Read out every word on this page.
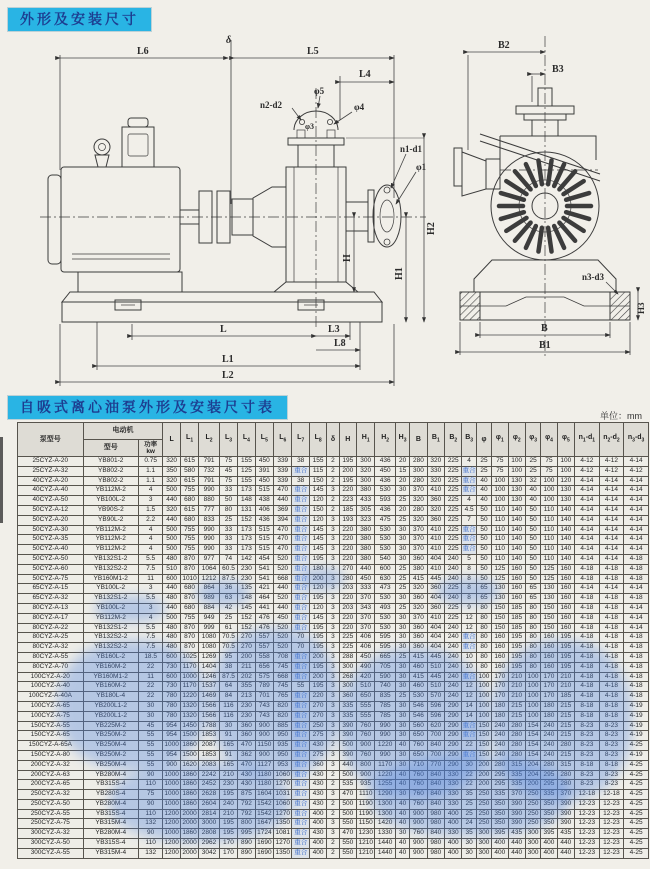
外形及安装尺寸
L6
δ
L5
L4
n2-d2
φ5
φ4
φ3
n1-d1
φ1
H2
H1
H
L	L3
L8
L1
L2
B2
B3
n3-d3
H3
B
B1
自吸式离心油泵外形及安装尺寸表
单位：mm
泵型号	电动机		L	$L_1$	$L_2$	$L_3$	$L_4$	$L_5$	$L_6$	$L_7$	$L_8$	δ	H	$H_1$	$H_2$	$H_3$	B	$B_1$	$B_2$	$B_3$	φ	$\varphi_1$	$\varphi_2$	$\varphi_3$	$\varphi_4$	$\varphi_5$	$n_1-d_1$	$n_2-d_2$	$n_3-d_3$
	型号	功率
kw																											

25CYZ-A-20	YB801-2	0.75	320	615	791	75	155	450	339	38	155	2	195	300	436	20	280	320	225	4	25	75	100	25	75	100	4-12	4-12	4-14
25CYZ-A-32	YB802-2	1.1	350	580	732	45	125	391	339	重合	115	2	200	320	450	15	300	330	225	重合	25	75	100	25	75	100	4-12	4-12	4-12
40CYZ-A-20	YB802-2	1.1	320	615	791	75	155	450	339	38	150	2	195	300	436	20	280	320	225	重合	40	100	130	32	100	120	4-14	4-14	4-14
40CYZ-A-40	YB112M-2	4	500	755	990	33	173	515	470	重合	145	3	220	380	530	30	370	410	225	重合	40	100	130	40	100	130	4-14	4-14	4-14
40CYZ-A-50	YB100L-2	3	440	680	880	50	148	438	440	重合	120	2	223	433	593	25	320	360	225	4	40	100	130	40	100	130	4-14	4-14	4-14
50CYZ-A-12	YB90S-2	1.5	320	615	777	80	131	406	369	重合	150	2	185	305	436	20	280	320	225	4.5	50	110	140	50	110	140	4-14	4-14	4-14
50CYZ-A-20	YB90L-2	2.2	440	680	833	25	152	436	394	重合	120	3	193	323	475	25	320	360	225	7	50	110	140	50	110	140	4-14	4-14	4-14
50CYZ-A-30	YB112M-2	4	500	755	990	33	173	515	470	重合	145	3	220	380	530	30	370	410	225	重合	50	110	140	50	110	140	4-14	4-14	4-14
50CYZ-A-35	YB112M-2	4	500	755	990	33	173	515	470	重合	145	3	220	380	530	30	370	410	225	重合	50	110	140	50	110	140	4-14	4-14	4-14
50CYZ-A-40	YB112M-2	4	500	755	990	33	173	515	470	重合	145	3	220	380	530	30	370	410	225	重合	50	110	140	50	110	140	4-14	4-14	4-14
50CYZ-A-50	YB132S1-2	5.5	480	870	977	74	142	454	520	重合	195	3	220	380	540	30	360	404	240	5	50	110	140	50	110	140	4-14	4-14	4-18
50CYZ-A-60	YB132S2-2	7.5	510	870	1064	60.5	230	541	520	重合	180	3	270	440	600	25	380	410	240	8	50	125	160	50	125	160	4-18	4-18	4-18
50CYZ-A-75	YB160M1-2	11	600	1010	1212	87.5	230	541	668	重合	200	3	280	450	630	25	415	445	240	8	50	125	160	50	125	160	4-18	4-18	4-18
65CYZ-A-15	YB100L-2	3	440	680	864	36	135	421	440	重合	120	3	203	333	473	25	320	360	225	8	65	130	160	65	130	160	4-14	4-14	4-14
65CYZ-A-32	YB132S1-2	5.5	480	870	989	63	148	464	520	重合	195	3	220	370	530	30	360	404	240	8	65	130	160	65	130	160	4-18	4-18	4-18
80CYZ-A-13	YB100L-2	3	440	680	884	42	145	441	440	重合	120	3	203	343	493	25	320	360	225	9	80	150	185	80	150	160	4-18	4-18	4-14
80CYZ-A-17	YB112M-2	4	500	755	949	25	152	476	450	重合	145	3	220	370	530	30	370	410	225	12	80	150	185	80	150	160	4-18	4-18	4-14
80CYZ-A-22	YB132S1-2	5.5	480	870	999	61	152	476	520	重合	195	3	220	370	530	30	360	404	240	12	80	150	185	80	150	160	4-18	4-18	4-14
80CYZ-A-25	YB132S2-2	7.5	480	870	1080	70.5	270	557	520	70	195	3	225	406	595	30	360	404	240	重合	80	160	195	80	160	195	4-18	4-18	4-18
80CYZ-A-32	YB132S2-2	7.5	480	870	1080	70.5	270	557	520	70	195	3	225	406	595	30	360	404	240	重合	80	160	195	80	160	195	4-18	4-18	4-18
80CYZ-A-55	YB160L-2	18.5	600	1025	1269	95	200	558	708	重合	200	3	288	450	665	25	415	445	240	10	80	160	195	80	160	195	4-18	4-18	4-18
80CYZ-A-70	YB160M-2	22	730	1170	1404	38	211	656	745	重合	195	3	300	490	705	30	460	510	240	10	80	160	195	80	160	195	4-18	4-18	4-18
100CYZ-A-20	YB160M1-2	11	600	1000	1246	87.5	202	575	668	重合	200	3	268	420	590	30	415	445	240	重合	100	170	210	100	170	210	4-18	4-18	4-18
100CYZ-A-40	YB160M-2	22	730	1170	1537	64	355	789	745	55	195	3	300	510	740	30	460	510	240	12	100	170	210	100	170	210	4-18	4-18	4-18
100CYZ-A-40A	YB180L-4	22	780	1220	1469	84	213	701	765	重合	220	3	360	650	835	25	530	570	240	12	100	170	210	100	170	185	4-18	4-18	4-18
100CYZ-A-65	YB200L1-2	30	780	1320	1566	116	230	743	820	重合	270	3	335	555	785	30	546	596	290	14	100	180	215	100	180	215	8-18	8-18	4-19
100CYZ-A-75	YB200L1-2	30	780	1320	1566	116	230	743	820	重合	270	3	335	555	785	30	546	596	290	14	100	180	215	100	180	215	8-18	8-18	4-19
150CYZ-A-55	YB225M-2	45	954	1450	1788	30	360	900	885	重合	250	3	390	760	990	30	560	620	290	重合	150	240	280	154	240	215	8-23	8-23	4-19
150CYZ-A-65	YB250M-2	55	954	1500	1853	91	360	900	950	重合	275	3	390	760	990	30	650	700	290	重合	150	240	280	154	240	215	8-23	8-23	4-19
150CYZ-A-65A	YB250M-4	55	1000	1860	2087	165	470	1150	935	重合	430	2	500	900	1220	40	760	840	290	22	150	240	280	154	240	280	8-23	8-23	4-25
150CYZ-A-80	YB250M-2	55	954	1500	1853	91	362	900	950	重合	275	3	390	760	990	30	650	700	290	重合	150	240	280	154	240	215	8-23	8-23	4-19
200CYZ-A-32	YB250M-4	55	900	1620	2083	165	470	1127	953	重合	360	3	440	800	1170	30	710	770	290	30	200	280	315	204	280	315	8-18	8-18	4-25
200CYZ-A-63	YB280M-4	90	1000	1860	2242	210	430	1180	1060	重合	430	2	500	900	1220	40	760	840	330	22	200	295	335	204	295	280	8-23	8-23	4-25
200CYZ-A-65	YB315S-4	110	1000	1860	2452	230	430	1180	1270	重合	430	2	535	935	1255	40	760	840	330	22	200	295	335	200	295	280	8-23	8-23	4-25
250CYZ-A-32	YB280S-4	75	1000	1860	2628	195	875	1604	1031	重合	430	3	470	1110	1290	30	760	840	330	35	250	335	370	250	335	370	12-18	12-18	4-25
250CYZ-A-50	YB280M-4	90	1000	1860	2604	240	792	1542	1060	重合	430	2	500	1190	1300	40	760	840	330	25	250	350	390	250	350	390	12-23	12-23	4-25
250CYZ-A-55	YB315S-4	110	1200	2000	2814	210	792	1542	1270	重合	400	2	500	1190	1300	40	900	980	400	25	250	350	390	250	350	390	12-23	12-23	4-25
250CYZ-A-75	YB315M-4	132	1200	2000	3000	195	800	1647	1350	重合	400	3	550	1150	1420	40	900	980	400	24	250	350	390	250	350	390	12-23	12-23	4-25
300CYZ-A-32	YB280M-4	90	1000	1860	2808	195	995	1724	1081	重合	430	3	470	1230	1330	30	760	840	330	35	300	395	435	300	395	435	12-23	12-23	4-25
300CYZ-A-50	YB315S-4	110	1200	2000	2962	170	890	1690	1270	重合	400	2	550	1210	1440	40	900	980	400	30	300	400	440	300	400	440	12-23	12-23	4-25
300CYZ-A-55	YB315M-4	132	1200	2000	3042	170	890	1690	1350	重合	400	2	550	1210	1440	40	900	980	400	30	300	400	440	300	400	440	12-23	12-23	4-25
